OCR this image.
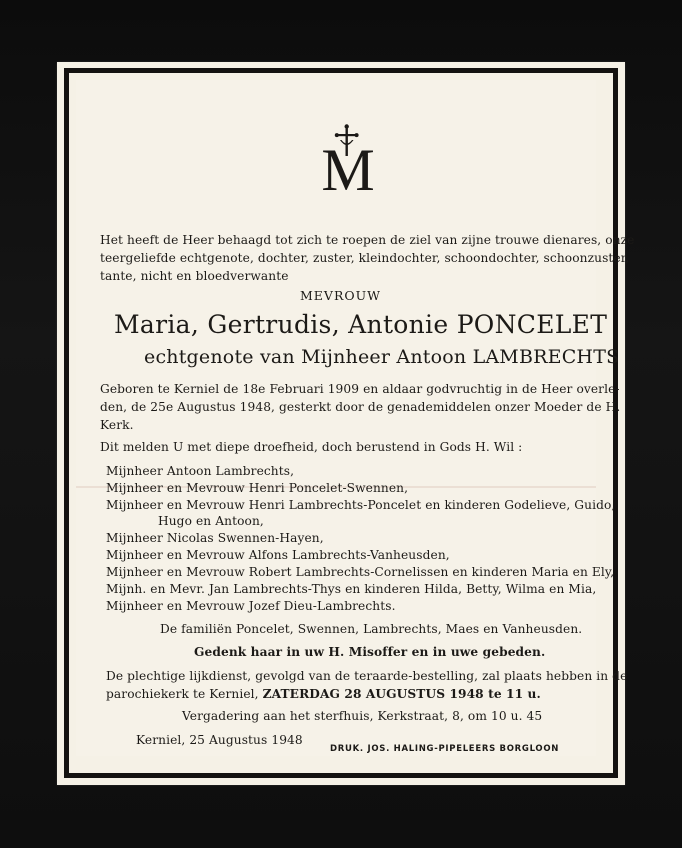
M
Het heeft de Heer behaagd tot zich te roepen de ziel van zijne trouwe dienares, onze
teergeliefde echtgenote, dochter, zuster, kleindochter, schoondochter, schoonzuster,
tante, nicht en bloedverwante
MEVROUW
Maria, Gertrudis, Antonie PONCELET
echtgenote van Mijnheer Antoon LAMBRECHTS
Geboren te Kerniel de 18e Februari 1909 en aldaar godvruchtig in de Heer overle-
den, de 25e Augustus 1948, gesterkt door de genademiddelen onzer Moeder de H.
Kerk.
Dit melden U met diepe droefheid, doch berustend in Gods H. Wil :
Mijnheer Antoon Lambrechts,
Mijnheer en Mevrouw Henri Poncelet-Swennen,
Mijnheer en Mevrouw Henri Lambrechts-Poncelet en kinderen Godelieve, Guido,
Hugo en Antoon,
Mijnheer Nicolas Swennen-Hayen,
Mijnheer en Mevrouw Alfons Lambrechts-Vanheusden,
Mijnheer en Mevrouw Robert Lambrechts-Cornelissen en kinderen Maria en Ely,
Mijnh. en Mevr. Jan Lambrechts-Thys en kinderen Hilda, Betty, Wilma en Mia,
Mijnheer en Mevrouw Jozef Dieu-Lambrechts.
De familiën Poncelet, Swennen, Lambrechts, Maes en Vanheusden.
Gedenk haar in uw H. Misoffer en in uwe gebeden.
De plechtige lijkdienst, gevolgd van de teraarde-bestelling, zal plaats hebben in de
parochiekerk te Kerniel, ZATERDAG 28 AUGUSTUS 1948 te 11 u.
Vergadering aan het sterfhuis, Kerkstraat, 8, om 10 u. 45
Kerniel, 25 Augustus 1948
DRUK. JOS. HALING-PIPELEERS BORGLOON
